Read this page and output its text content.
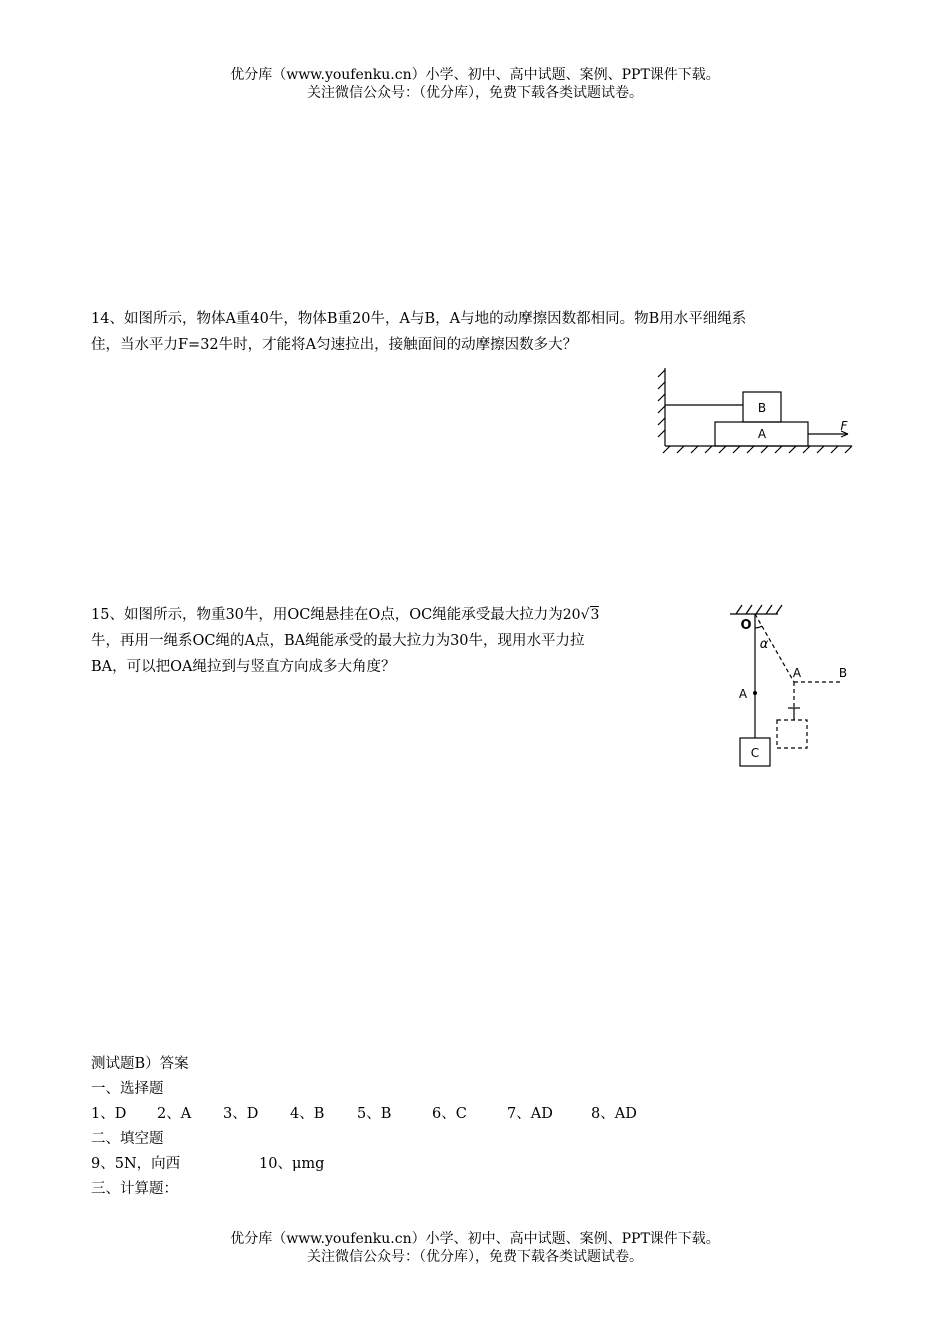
优分库（www.youfenku.cn）小学、初中、高中试题、案例、PPT课件下载。
关注微信公众号：（优分库），免费下载各类试题试卷。

14、如图所示，物体A重40牛，物体B重20牛，A与B，A与地的动摩擦因数都相同。物B用水平细绳系

住，当水平力F=32牛时，才能将A匀速拉出，接触面间的动摩擦因数多大？

B
A
F

15、如图所示，物重30牛，用OC绳悬挂在O点，OC绳能承受最大拉力为20√3

牛，再用一绳系OC绳的A点，BA绳能承受的最大拉力为30牛，现用水平力拉

BA，可以把OA绳拉到与竖直方向成多大角度？

O
α
A	B
A
C
测试题B）答案
一、选择题
1、D 2、A 3、D 4、B 5、B	6、C	7、AD	8、AD
二、填空题
9、5N，向西	10、μmg
三、计算题：
优分库（www.youfenku.cn）小学、初中、高中试题、案例、PPT课件下载。
关注微信公众号：（优分库），免费下载各类试题试卷。
